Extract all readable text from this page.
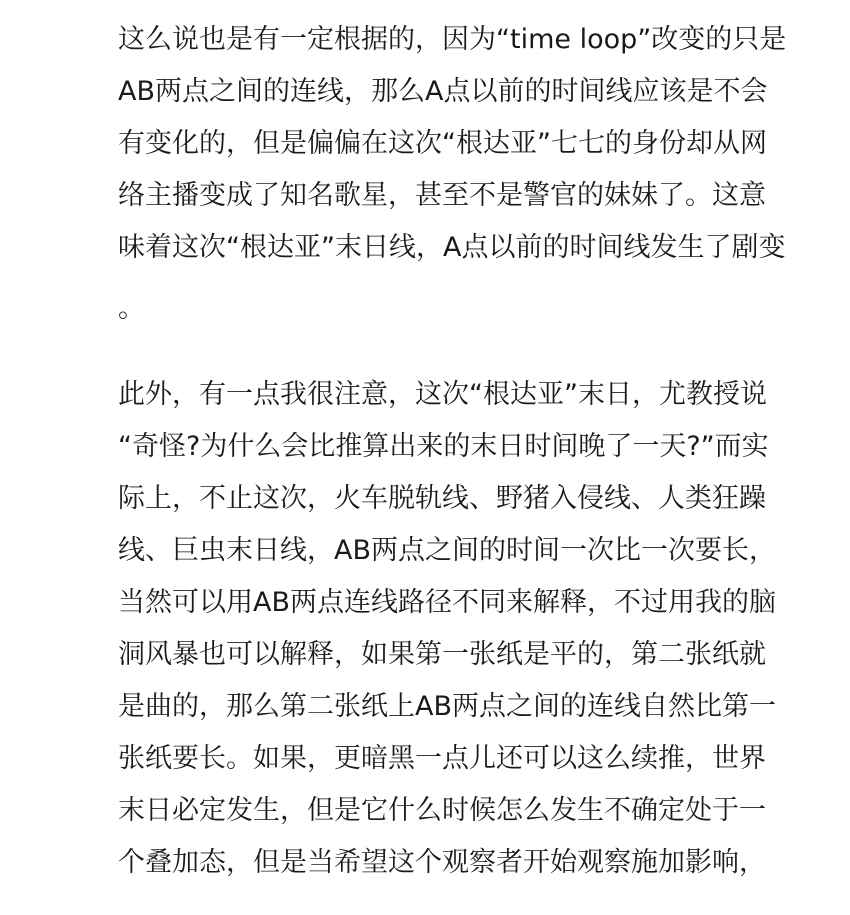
这么说也是有一定根据的，因为“time loop”改变的只是
AB两点之间的连线，那么A点以前的时间线应该是不会
有变化的，但是偏偏在这次“根达亚”七七的身份却从网
络主播变成了知名歌星，甚至不是警官的妹妹了。这意
味着这次“根达亚”末日线，A点以前的时间线发生了剧变
。

此外，有一点我很注意，这次“根达亚”末日，尤教授说
“奇怪?为什么会比推算出来的末日时间晚了一天?”而实
际上，不止这次，火车脱轨线、野猪入侵线、人类狂躁
线、巨虫末日线，AB两点之间的时间一次比一次要长，
当然可以用AB两点连线路径不同来解释，不过用我的脑
洞风暴也可以解释，如果第一张纸是平的，第二张纸就
是曲的，那么第二张纸上AB两点之间的连线自然比第一
张纸要长。如果，更暗黑一点儿还可以这么续推，世界
末日必定发生，但是它什么时候怎么发生不确定处于一
个叠加态，但是当希望这个观察者开始观察施加影响，
